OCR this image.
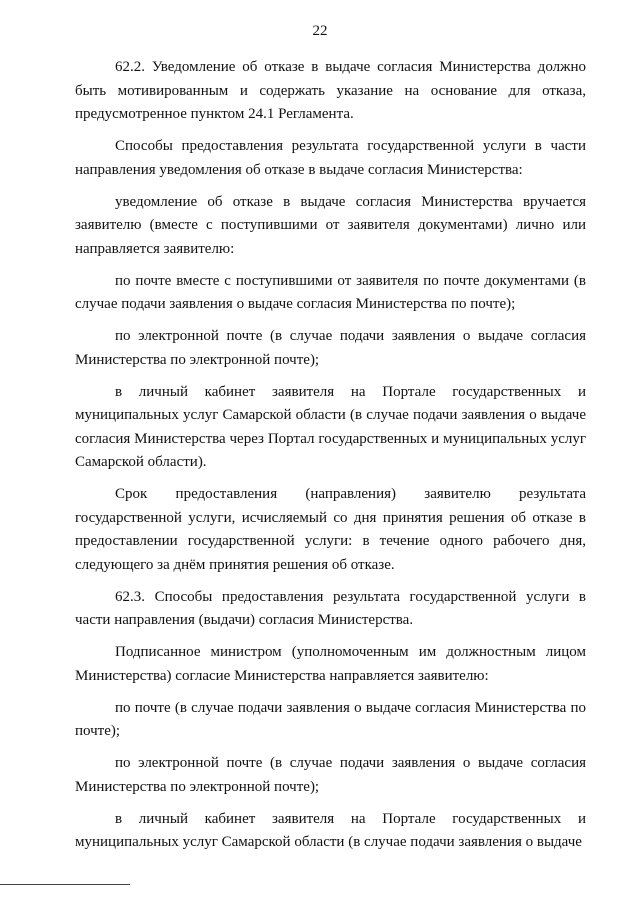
22

62.2. Уведомление об отказе в выдаче согласия Министерства должно быть мотивированным и содержать указание на основание для отказа, предусмотренное пунктом 24.1 Регламента.

Способы предоставления результата государственной услуги в части направления уведомления об отказе в выдаче согласия Министерства:

уведомление об отказе в выдаче согласия Министерства вручается заявителю (вместе с поступившими от заявителя документами) лично или направляется заявителю:

по почте вместе с поступившими от заявителя по почте документами (в случае подачи заявления о выдаче согласия Министерства по почте);

по электронной почте (в случае подачи заявления о выдаче согласия Министерства по электронной почте);

в личный кабинет заявителя на Портале государственных и муниципальных услуг Самарской области (в случае подачи заявления о выдаче согласия Министерства через Портал государственных и муниципальных услуг Самарской области).

Срок предоставления (направления) заявителю результата государственной услуги, исчисляемый со дня принятия решения об отказе в предоставлении государственной услуги: в течение одного рабочего дня, следующего за днём принятия решения об отказе.

62.3. Способы предоставления результата государственной услуги в части направления (выдачи) согласия Министерства.

Подписанное министром (уполномоченным им должностным лицом Министерства) согласие Министерства направляется заявителю:

по почте (в случае подачи заявления о выдаче согласия Министерства по почте);

по электронной почте (в случае подачи заявления о выдаче согласия Министерства по электронной почте);

в личный кабинет заявителя на Портале государственных и муниципальных услуг Самарской области (в случае подачи заявления о выдаче
